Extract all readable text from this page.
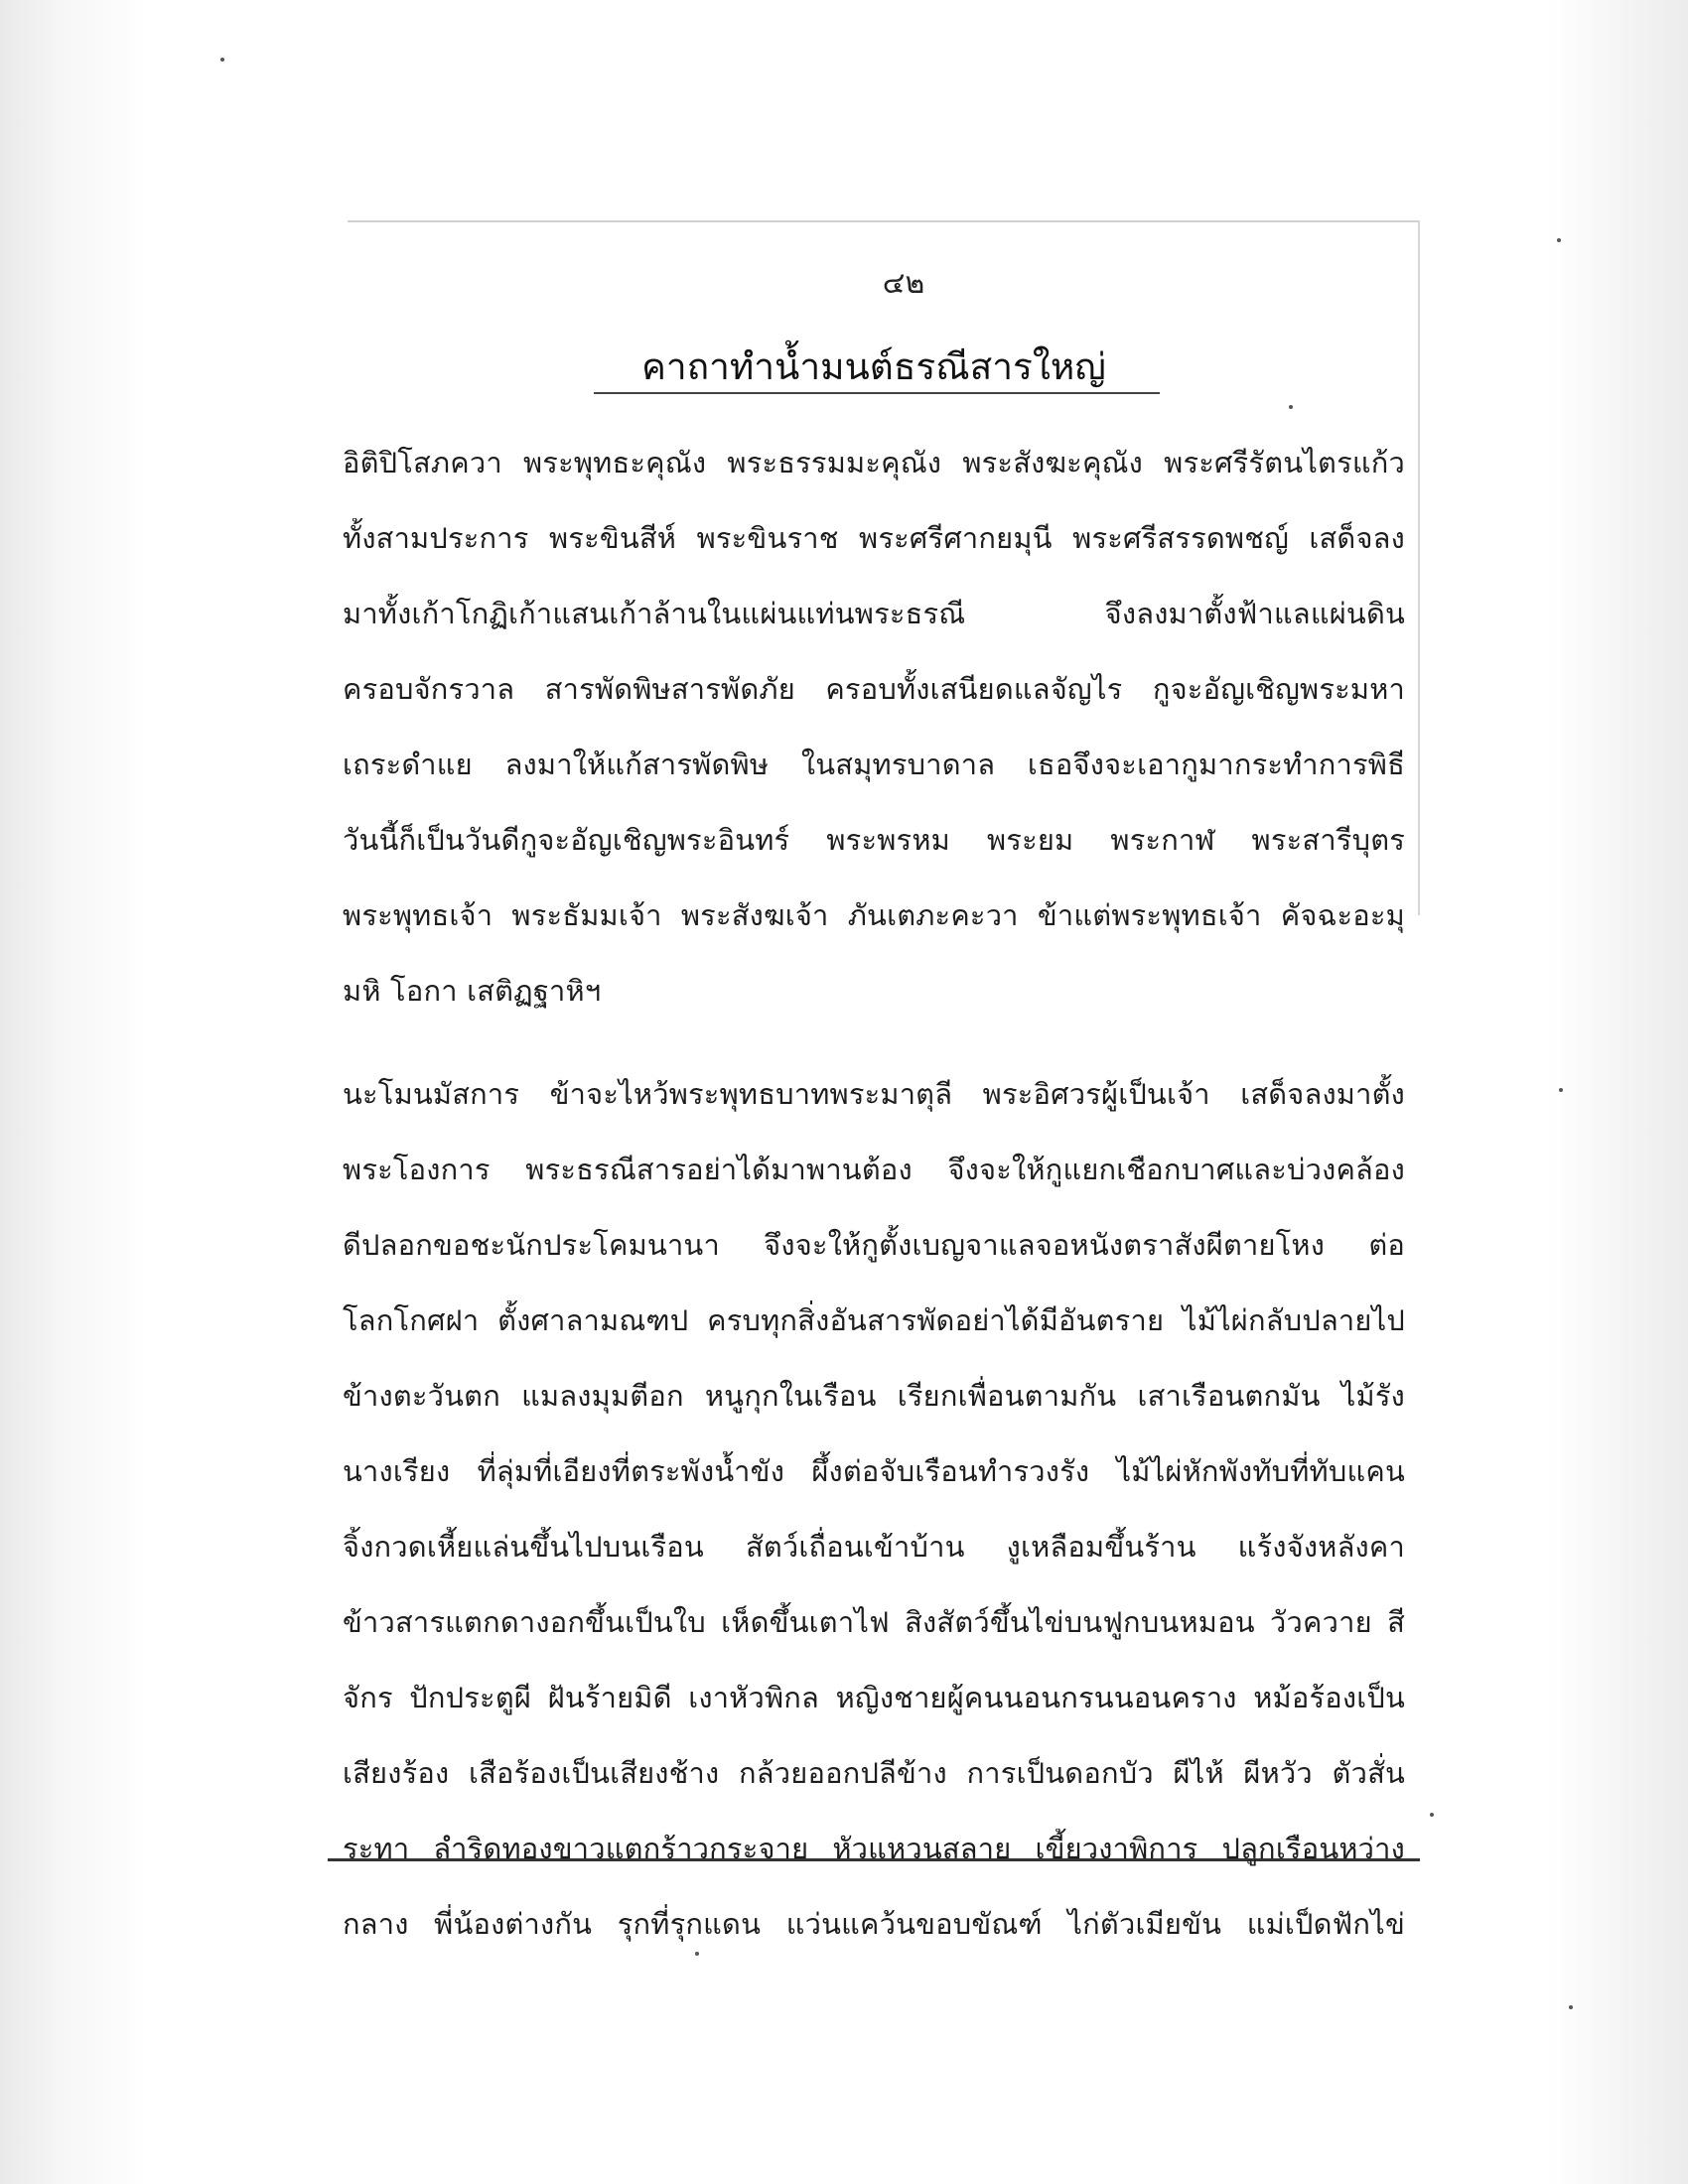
๔๒
คาถาทำน้ำมนต์ธรณีสารใหญ่
อิติปิโสภควา พระพุทธะคุณัง พระธรรมมะคุณัง พระสังฆะคุณัง พระศรีรัตนไตรแก้ว
ทั้งสามประการ พระขินสีห์ พระขินราช พระศรีศากยมุนี พระศรีสรรดพชญ์ เสด็จลง
มาทั้งเก้าโกฏิเก้าแสนเก้าล้านในแผ่นแท่นพระธรณี จึงลงมาตั้งฟ้าแลแผ่นดิน
ครอบจักรวาล สารพัดพิษสารพัดภัย ครอบทั้งเสนียดแลจัญไร กูจะอัญเชิญพระมหา
เถระดำแย ลงมาให้แก้สารพัดพิษ ในสมุทรบาดาล เธอจึงจะเอากูมากระทำการพิธี
วันนี้ก็เป็นวันดีกูจะอัญเชิญพระอินทร์ พระพรหม พระยม พระกาฬ พระสารีบุตร
พระพุทธเจ้า พระธัมมเจ้า พระสังฆเจ้า ภันเตภะคะวา ข้าแต่พระพุทธเจ้า คัจฉะอะมุ
มหิ โอกา เสติฏฐาหิฯ
นะโมนมัสการ ข้าจะไหว้พระพุทธบาทพระมาตุลี พระอิศวรผู้เป็นเจ้า เสด็จลงมาตั้ง
พระโองการ พระธรณีสารอย่าได้มาพานต้อง จึงจะให้กูแยกเชือกบาศและบ่วงคล้อง
ดีปลอกขอชะนักประโคมนานา จึงจะให้กูตั้งเบญจาแลจอหนังตราสังผีตายโหง ต่อ
โลกโกศฝา ตั้งศาลามณฑป ครบทุกสิ่งอันสารพัดอย่าได้มีอันตราย ไม้ไผ่กลับปลายไป
ข้างตะวันตก แมลงมุมตีอก หนูกุกในเรือน เรียกเพื่อนตามกัน เสาเรือนตกมัน ไม้รัง
นางเรียง ที่ลุ่มที่เอียงที่ตระพังน้ำขัง ผึ้งต่อจับเรือนทำรวงรัง ไม้ไผ่หักพังทับที่ทับแคน
จิ้งกวดเหี้ยแล่นขึ้นไปบนเรือน สัตว์เถื่อนเข้าบ้าน งูเหลือมขึ้นร้าน แร้งจังหลังคา
ข้าวสารแตกดางอกขึ้นเป็นใบ เห็ดขึ้นเตาไฟ สิงสัตว์ขึ้นไข่บนฟูกบนหมอน วัวควาย สี
จักร ปักประตูผี ฝันร้ายมิดี เงาหัวพิกล หญิงชายผู้คนนอนกรนนอนคราง หม้อร้องเป็น
เสียงร้อง เสือร้องเป็นเสียงช้าง กล้วยออกปลีข้าง การเป็นดอกบัว ผีไห้ ผีหวัว ตัวสั่น
ระทา ลำริดทองขาวแตกร้าวกระจาย หัวแหวนสลาย เขี้ยวงาพิการ ปลูกเรือนหว่าง
กลาง พี่น้องต่างกัน รุกที่รุกแดน แว่นแคว้นขอบขัณฑ์ ไก่ตัวเมียขัน แม่เป็ดฟักไข่
